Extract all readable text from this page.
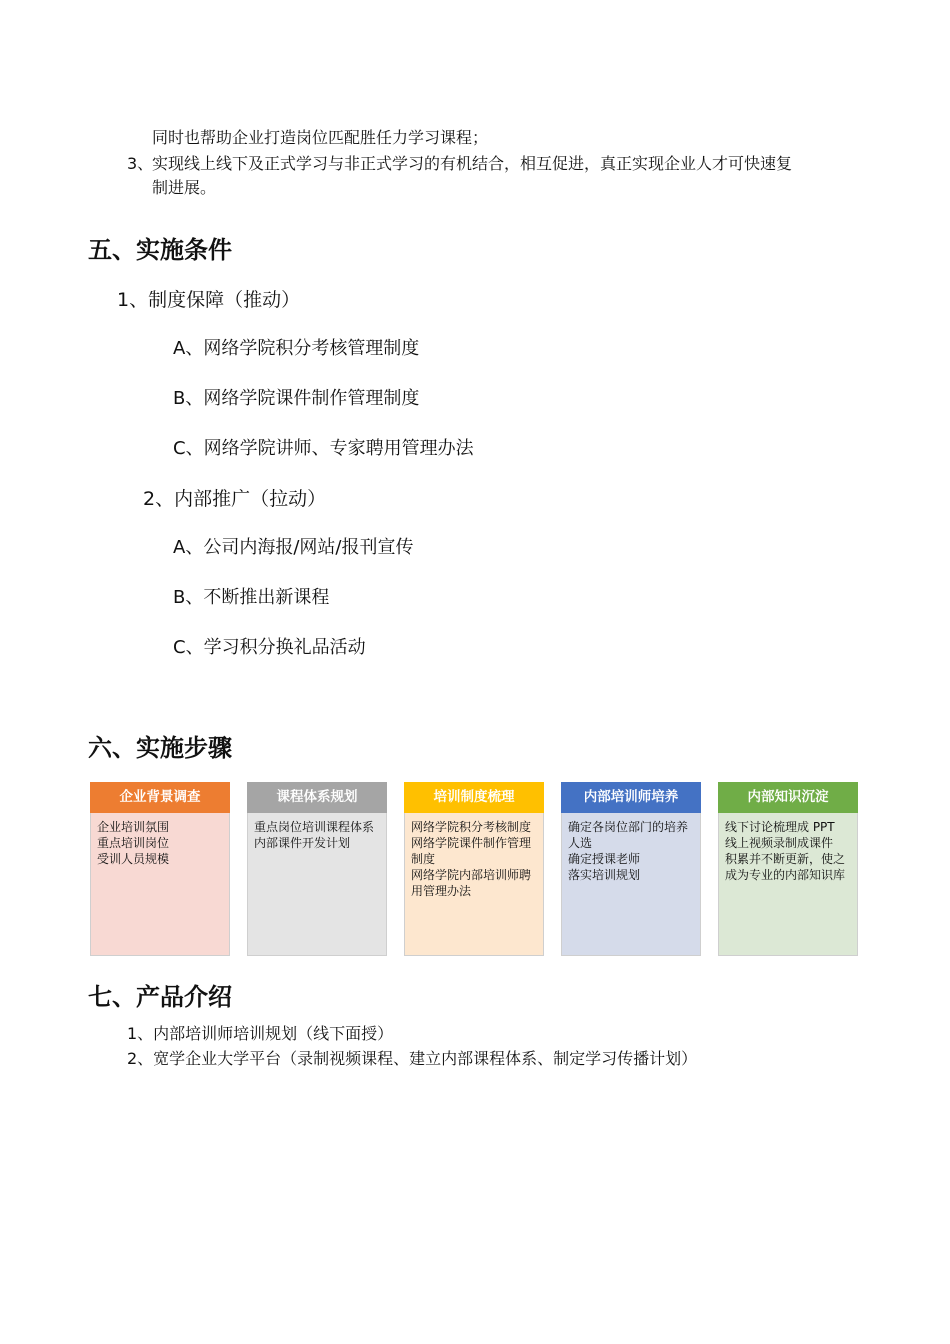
同时也帮助企业打造岗位匹配胜任力学习课程；
3、
实现线上线下及正式学习与非正式学习的有机结合，相互促进，真正实现企业人才可快速复
制进展。
五、实施条件
1、制度保障（推动）
A、网络学院积分考核管理制度
B、网络学院课件制作管理制度
C、网络学院讲师、专家聘用管理办法
2、内部推广（拉动）
A、公司内海报/网站/报刊宣传
B、不断推出新课程
C、学习积分换礼品活动
六、实施步骤
企业背景调查
企业培训氛围
重点培训岗位
受训人员规模
课程体系规划
重点岗位培训课程体系
内部课件开发计划
培训制度梳理
网络学院积分考核制度
网络学院课件制作管理制度
网络学院内部培训师聘用管理办法
内部培训师培养
确定各岗位部门的培养人选
确定授课老师
落实培训规划
内部知识沉淀
线下讨论梳理成 PPT
线上视频录制成课件
积累并不断更新，使之成为专业的内部知识库
七、产品介绍
1、内部培训师培训规划（线下面授）
2、宽学企业大学平台（录制视频课程、建立内部课程体系、制定学习传播计划）
